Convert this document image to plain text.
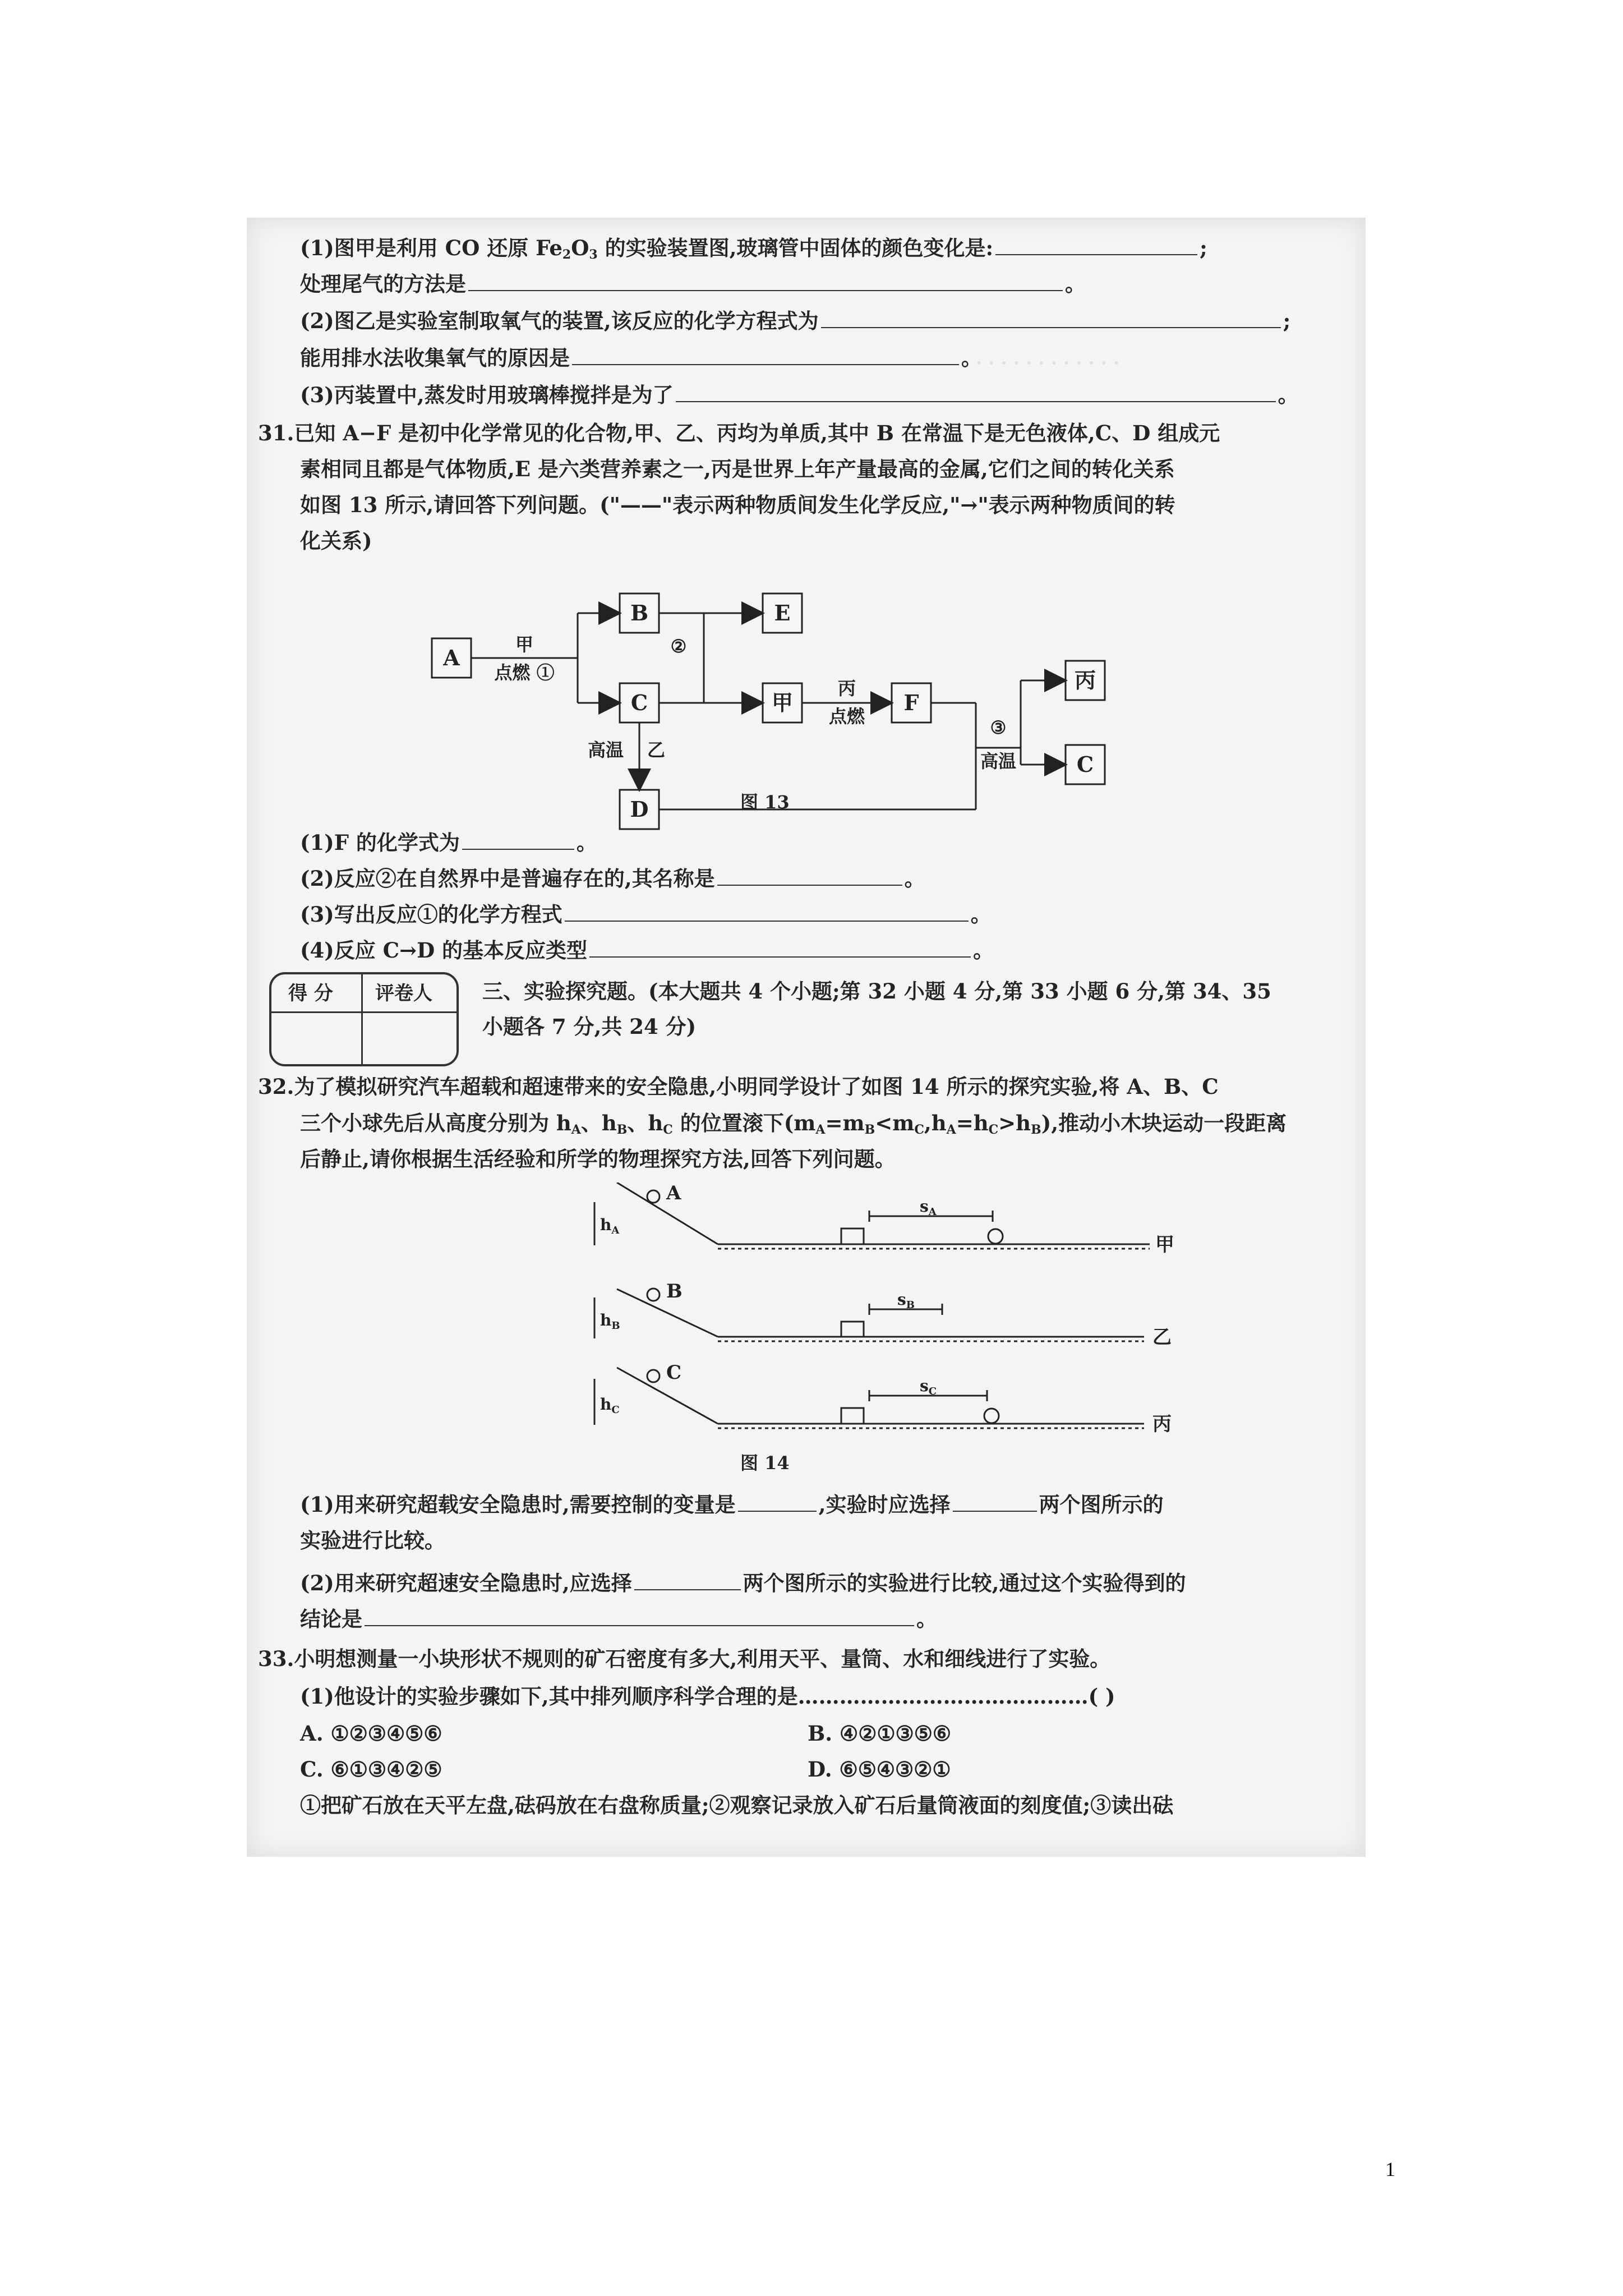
· · · · · · · · · · · ·
(1)图甲是利用 CO 还原 $Fe_2O_3$ 的实验装置图,玻璃管中固体的颜色变化是:	;
处理尾气的方法是	。
(2)图乙是实验室制取氧气的装置,该反应的化学方程式为	;
能用排水法收集氧气的原因是	。
(3)丙装置中,蒸发时用玻璃棒搅拌是为了	。
31.已知 A−F 是初中化学常见的化合物,甲、乙、丙均为单质,其中 B 在常温下是无色液体,C、D 组成元
素相同且都是气体物质,E 是六类营养素之一,丙是世界上年产量最高的金属,它们之间的转化关系
如图 13 所示,请回答下列问题。("——"表示两种物质间发生化学反应,"→"表示两种物质间的转
化关系)
A
B
C
D
E
甲	F
丙
C
甲
点燃 ①
②
丙
点燃
③
高温
高温 乙
图 13
(1)F 的化学式为	。
(2)反应②在自然界中是普遍存在的,其名称是	。
(3)写出反应①的化学方程式	。
(4)反应 C→D 的基本反应类型	。
得 分 评卷人 三、实验探究题。(本大题共 4 个小题;第 32 小题 4 分,第 33 小题 6 分,第 34、35
小题各 7 分,共 24 分)
32.为了模拟研究汽车超载和超速带来的安全隐患,小明同学设计了如图 14 所示的探究实验,将 A、B、C
三个小球先后从高度分别为 $h_A$、$h_B$、$h_C$ 的位置滚下$(m_A=m_B<m_C,h_A=h_C>h_B)$,推动小木块运动一段距离
后静止,请你根据生活经验和所学的物理探究方法,回答下列问题。
A
B
C
甲
乙
丙
$h_A$
$h_B$
$h_C$
$s_A$
$s_B$
$s_C$
图 14
(1)用来研究超载安全隐患时,需要控制的变量是	,实验时应选择	两个图所示的
实验进行比较。
(2)用来研究超速安全隐患时,应选择	两个图所示的实验进行比较,通过这个实验得到的
结论是	。
33.小明想测量一小块形状不规则的矿石密度有多大,利用天平、量筒、水和细线进行了实验。
(1)他设计的实验步骤如下,其中排列顺序科学合理的是……………………………………( )
A. ①②③④⑤⑥	B. ④②①③⑤⑥
C. ⑥①③④②⑤	D. ⑥⑤④③②①
①把矿石放在天平左盘,砝码放在右盘称质量;②观察记录放入矿石后量筒液面的刻度值;③读出砝
1
